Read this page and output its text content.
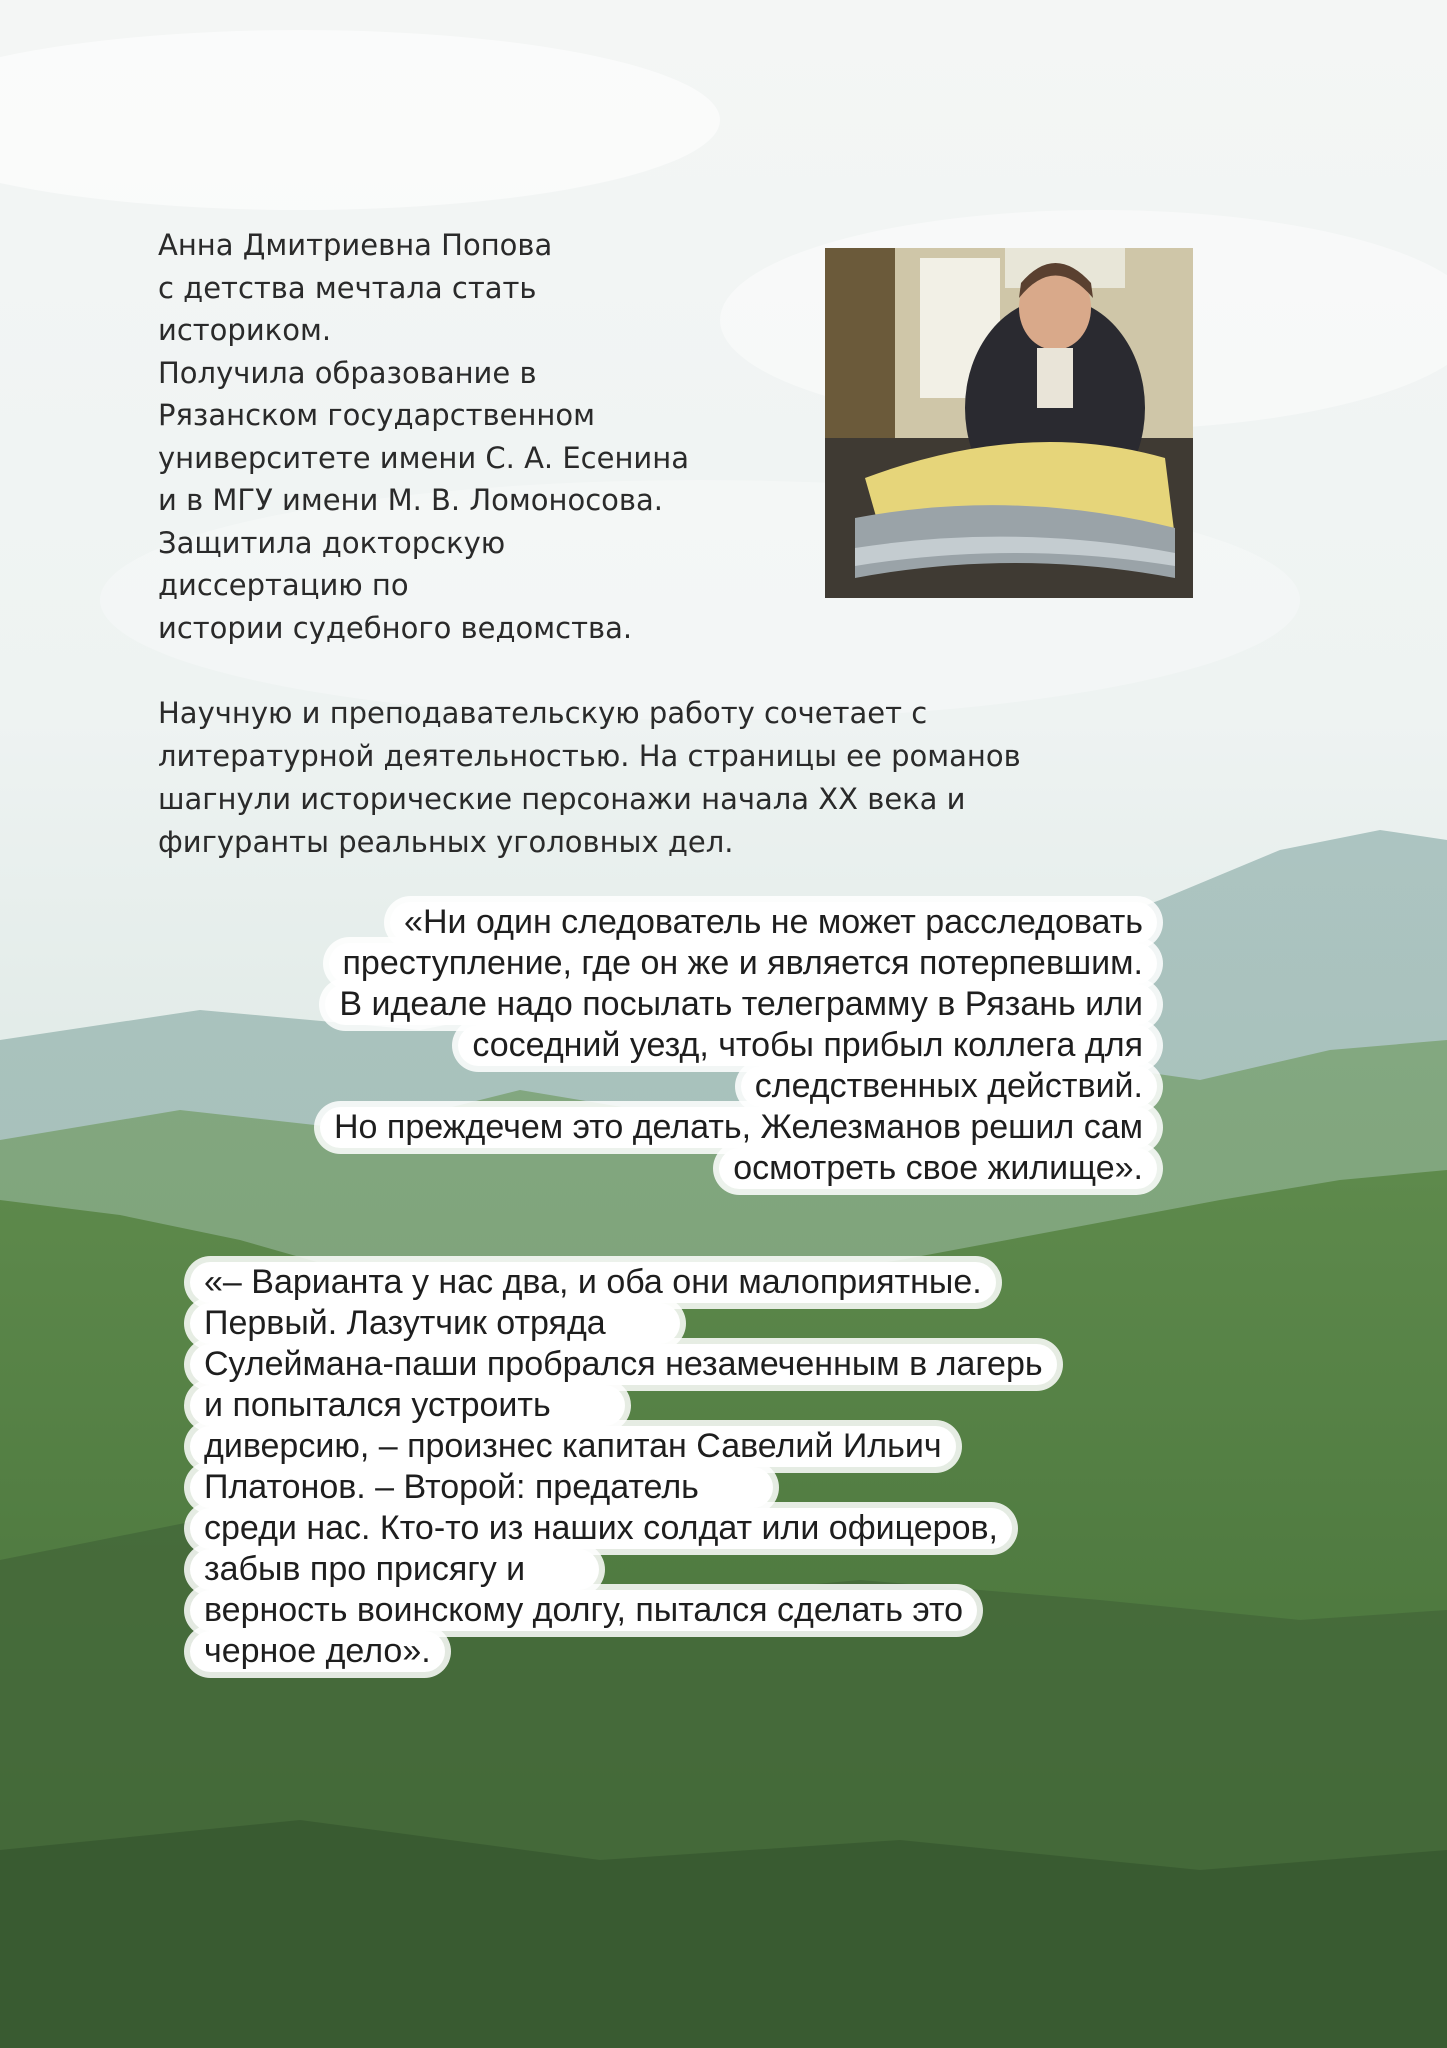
Анна Дмитриевна Попова
с детства мечтала стать
историком.
Получила образование в
Рязанском государственном
университете имени С. А. Есенина
и в МГУ имени М. В. Ломоносова.
Защитила докторскую
диссертацию по
истории судебного ведомства.
Научную и преподавательскую работу сочетает с
литературной деятельностью. На страницы ее романов
шагнули исторические персонажи начала XX века и
фигуранты реальных уголовных дел.
«Ни один следователь не может расследовать
преступление, где он же и является потерпевшим.
В идеале надо посылать телеграмму в Рязань или
соседний уезд, чтобы прибыл коллега для
следственных действий.
Но преждечем это делать, Железманов решил сам
осмотреть свое жилище».
«– Варианта у нас два, и оба они малоприятные.
Первый. Лазутчик отряда
Сулеймана-паши пробрался незамеченным в лагерь
и попытался устроить
диверсию, – произнес капитан Савелий Ильич
Платонов. – Второй: предатель
среди нас. Кто-то из наших солдат или офицеров,
забыв про присягу и
верность воинскому долгу, пытался сделать это
черное дело».
